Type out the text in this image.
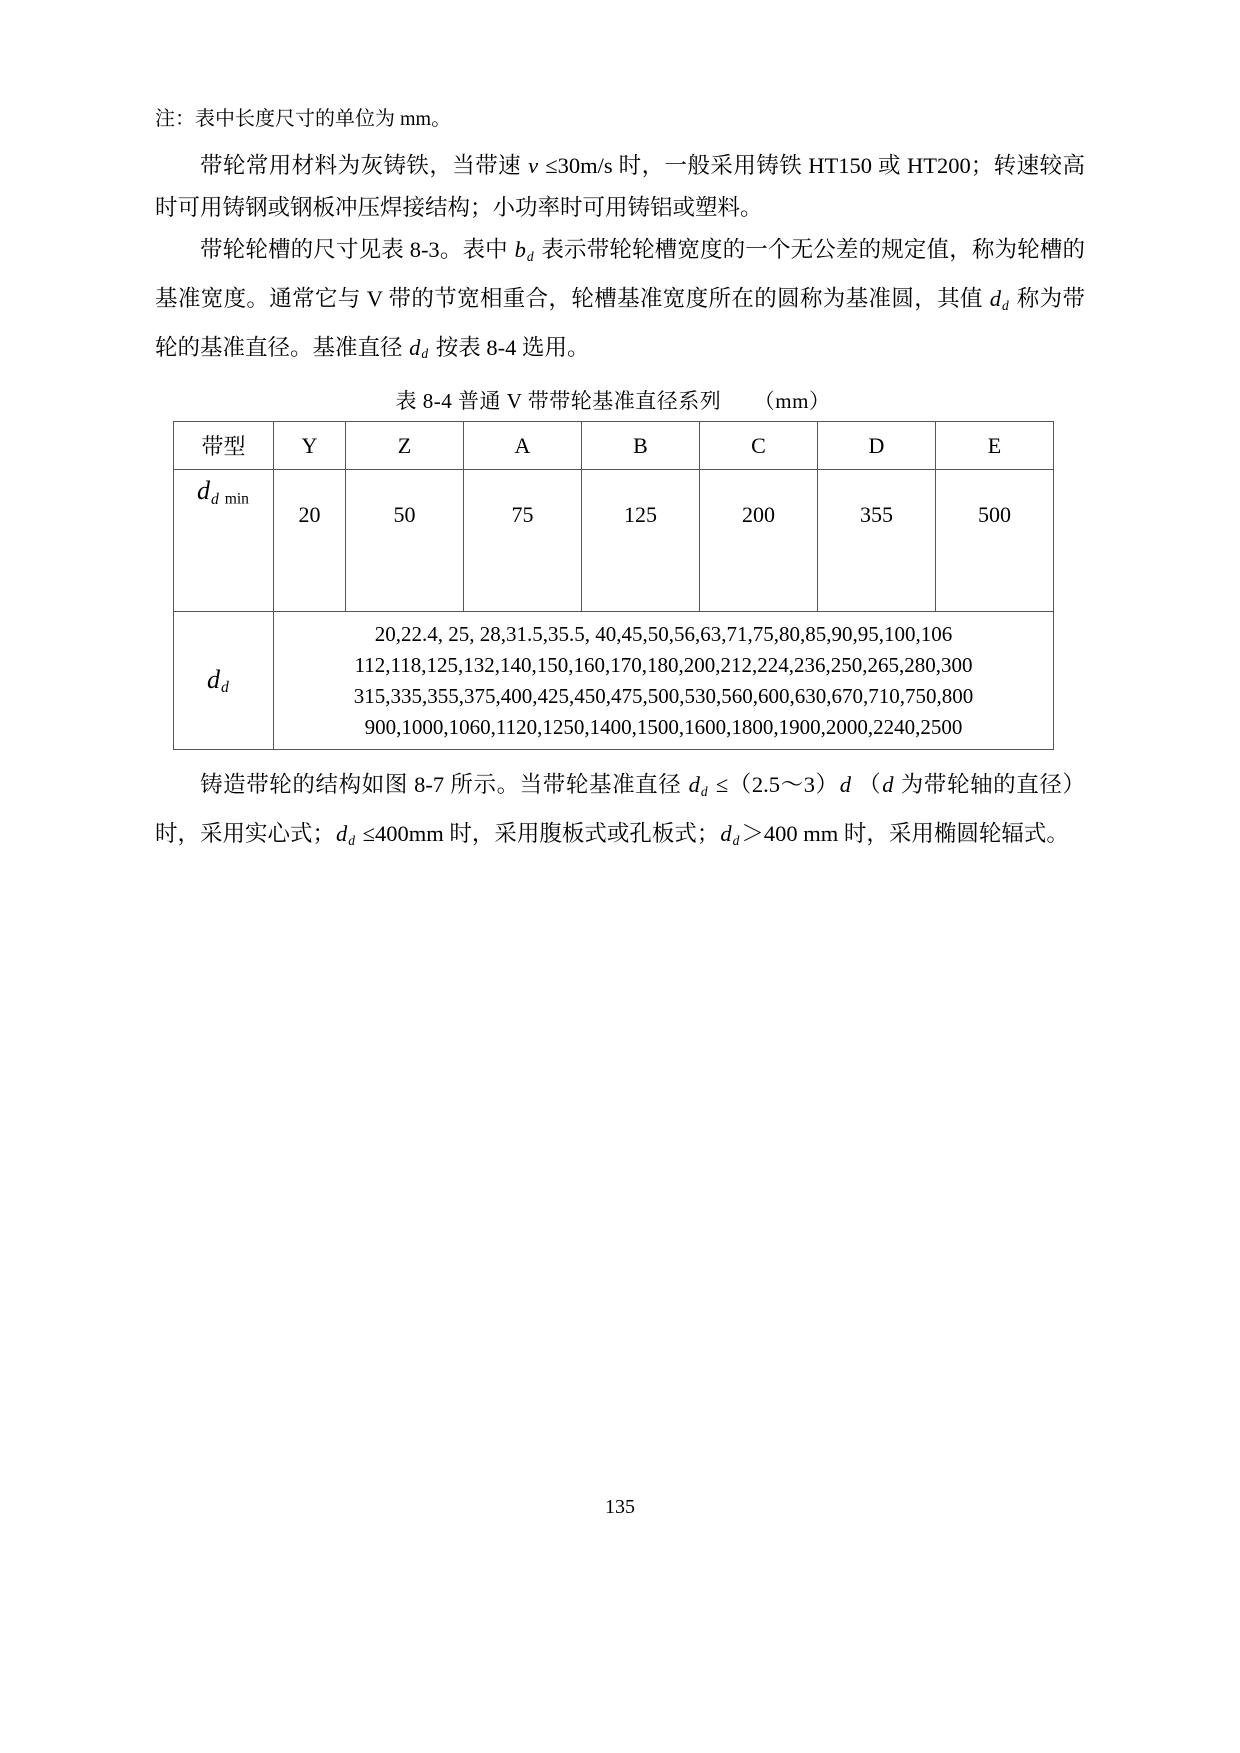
注：表中长度尺寸的单位为 mm。

带轮常用材料为灰铸铁，当带速 v ≤30m/s 时，一般采用铸铁 HT150 或 HT200；转速较高时可用铸钢或钢板冲压焊接结构；小功率时可用铸铝或塑料。

带轮轮槽的尺寸见表 8-3。表中 bd 表示带轮轮槽宽度的一个无公差的规定值，称为轮槽的基准宽度。通常它与 V 带的节宽相重合，轮槽基准宽度所在的圆称为基准圆，其值 dd 称为带轮的基准直径。基准直径 dd 按表 8-4 选用。

表 8-4 普通 V 带带轮基准直径系列　　（mm）
带型	Y	Z	A	B	C	D	E
dd min	20	50	75	125	200	355	500
dd	20,22.4, 25, 28,31.5,35.5, 40,45,50,56,63,71,75,80,85,90,95,100,106
112,118,125,132,140,150,160,170,180,200,212,224,236,250,265,280,300
315,335,355,375,400,425,450,475,500,530,560,600,630,670,710,750,800
900,1000,1060,1120,1250,1400,1500,1600,1800,1900,2000,2240,2500						

铸造带轮的结构如图 8-7 所示。当带轮基准直径 dd ≤（2.5～3）d （d 为带轮轴的直径）时，采用实心式；dd ≤400mm 时，采用腹板式或孔板式；dd＞400 mm 时，采用椭圆轮辐式。

135
